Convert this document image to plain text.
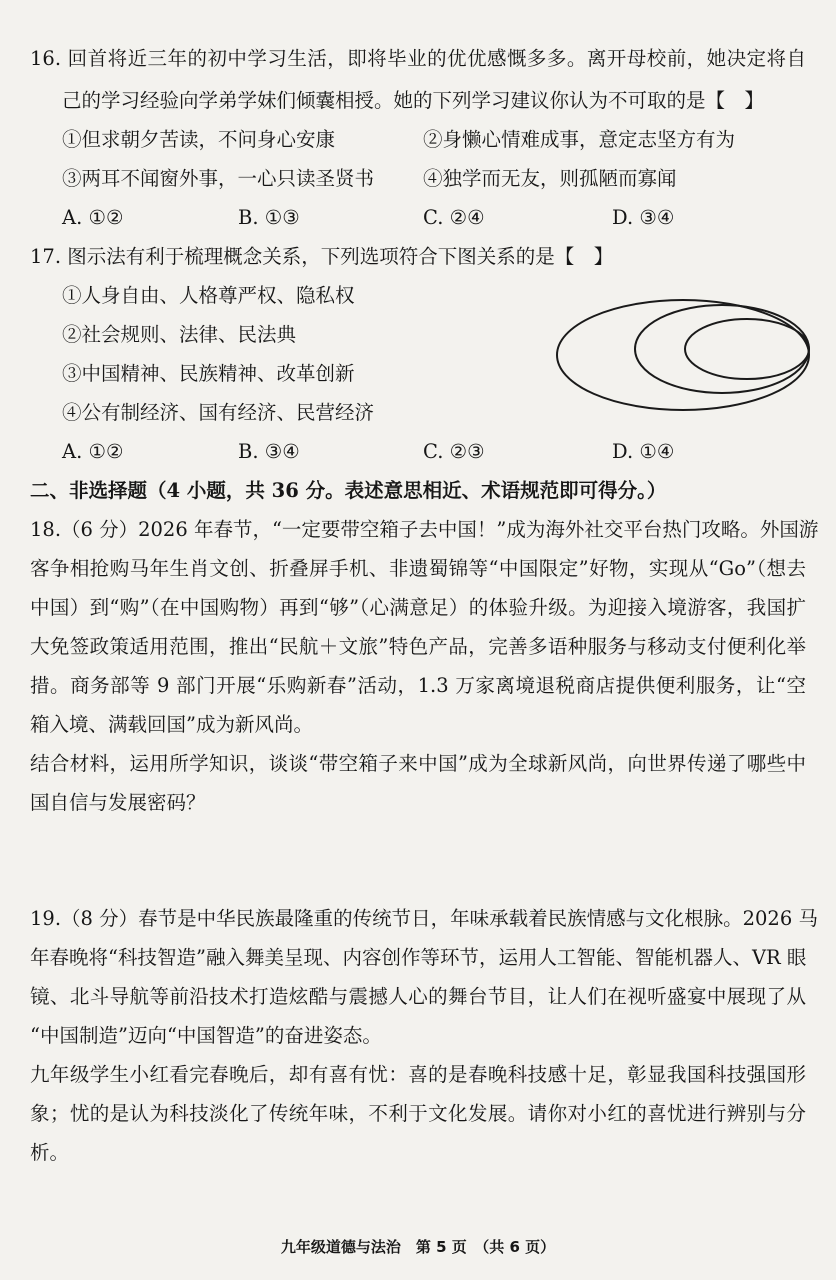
16. 回首将近三年的初中学习生活，即将毕业的优优感慨多多。离开母校前，她决定将自
己的学习经验向学弟学妹们倾囊相授。她的下列学习建议你认为不可取的是【　】
①但求朝夕苦读，不问身心安康	②身懒心情难成事，意定志坚方有为
③两耳不闻窗外事，一心只读圣贤书	④独学而无友，则孤陋而寡闻
A. ①②	B. ①③	C. ②④	D. ③④
17. 图示法有利于梳理概念关系，下列选项符合下图关系的是【　】
①人身自由、人格尊严权、隐私权
②社会规则、法律、民法典
③中国精神、民族精神、改革创新
④公有制经济、国有经济、民营经济
A. ①②	B. ③④	C. ②③	D. ①④
二、非选择题（4 小题，共 36 分。表述意思相近、术语规范即可得分。）
18.（6 分）2026 年春节，“一定要带空箱子去中国！”成为海外社交平台热门攻略。外国游
客争相抢购马年生肖文创、折叠屏手机、非遗蜀锦等“中国限定”好物，实现从“Go”（想去
中国）到“购”（在中国购物）再到“够”（心满意足）的体验升级。为迎接入境游客，我国扩
大免签政策适用范围，推出“民航＋文旅”特色产品，完善多语种服务与移动支付便利化举
措。商务部等 9 部门开展“乐购新春”活动，1.3 万家离境退税商店提供便利服务，让“空
箱入境、满载回国”成为新风尚。
结合材料，运用所学知识，谈谈“带空箱子来中国”成为全球新风尚，向世界传递了哪些中
国自信与发展密码？
19.（8 分）春节是中华民族最隆重的传统节日，年味承载着民族情感与文化根脉。2026 马
年春晚将“科技智造”融入舞美呈现、内容创作等环节，运用人工智能、智能机器人、VR 眼
镜、北斗导航等前沿技术打造炫酷与震撼人心的舞台节目，让人们在视听盛宴中展现了从
“中国制造”迈向“中国智造”的奋进姿态。
九年级学生小红看完春晚后，却有喜有忧：喜的是春晚科技感十足，彰显我国科技强国形
象；忧的是认为科技淡化了传统年味，不利于文化发展。请你对小红的喜忧进行辨别与分
析。
九年级道德与法治　第 5 页　（共 6 页）
